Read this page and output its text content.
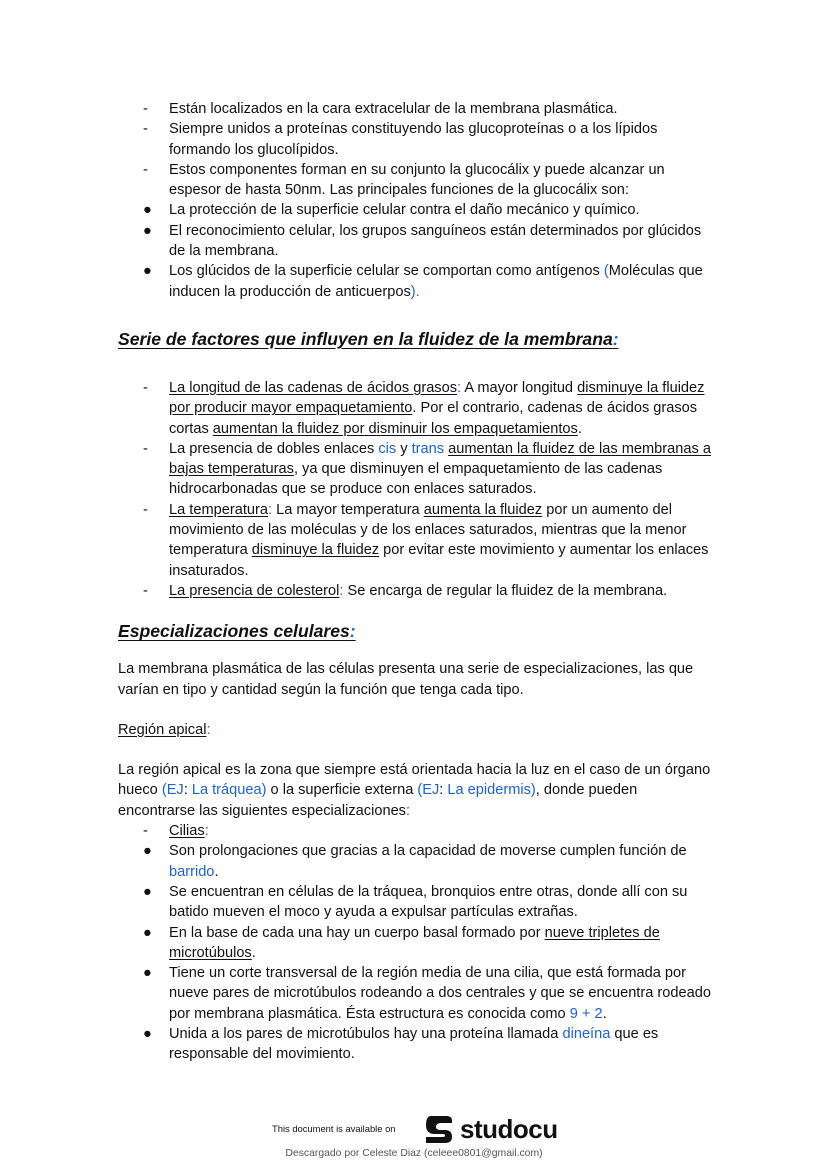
-	Están localizados en la cara extracelular de la membrana plasmática.
-	Siempre unidos a proteínas constituyendo las glucoproteínas o a los lípidos formando los glucolípidos.
-	Estos componentes forman en su conjunto la glucocálix y puede alcanzar un espesor de hasta 50nm. Las principales funciones de la glucocálix son:
●	La protección de la superficie celular contra el daño mecánico y químico.
●	El reconocimiento celular, los grupos sanguíneos están determinados por glúcidos de la membrana.
●	Los glúcidos de la superficie celular se comportan como antígenos (Moléculas que inducen la producción de anticuerpos).
Serie de factores que influyen en la fluidez de la membrana:
-	La longitud de las cadenas de ácidos grasos: A mayor longitud disminuye la fluidez por producir mayor empaquetamiento. Por el contrario, cadenas de ácidos grasos cortas aumentan la fluidez por disminuir los empaquetamientos.
-	La presencia de dobles enlaces cis y trans aumentan la fluidez de las membranas a bajas temperaturas, ya que disminuyen el empaquetamiento de las cadenas hidrocarbonadas que se produce con enlaces saturados.
-	La temperatura: La mayor temperatura aumenta la fluidez por un aumento del movimiento de las moléculas y de los enlaces saturados, mientras que la menor temperatura disminuye la fluidez por evitar este movimiento y aumentar los enlaces insaturados.
-	La presencia de colesterol: Se encarga de regular la fluidez de la membrana.
Especializaciones celulares:

La membrana plasmática de las células presenta una serie de especializaciones, las que varían en tipo y cantidad según la función que tenga cada tipo.

Región apical:

La región apical es la zona que siempre está orientada hacia la luz en el caso de un órgano hueco (EJ: La tráquea) o la superficie externa (EJ: La epidermis), donde pueden encontrarse las siguientes especializaciones:

-	Cilias:
●	Son prolongaciones que gracias a la capacidad de moverse cumplen función de barrido.
●	Se encuentran en células de la tráquea, bronquios entre otras, donde allí con su batido mueven el moco y ayuda a expulsar partículas extrañas.
●	En la base de cada una hay un cuerpo basal formado por nueve tripletes de microtúbulos.
●	Tiene un corte transversal de la región media de una cilia, que está formada por nueve pares de microtúbulos rodeando a dos centrales y que se encuentra rodeado por membrana plasmática. Ésta estructura es conocida como 9 + 2.
●	Unida a los pares de microtúbulos hay una proteína llamada dineína que es responsable del movimiento.
This document is available on studocu
Descargado por Celeste Diaz (celeee0801@gmail.com)
